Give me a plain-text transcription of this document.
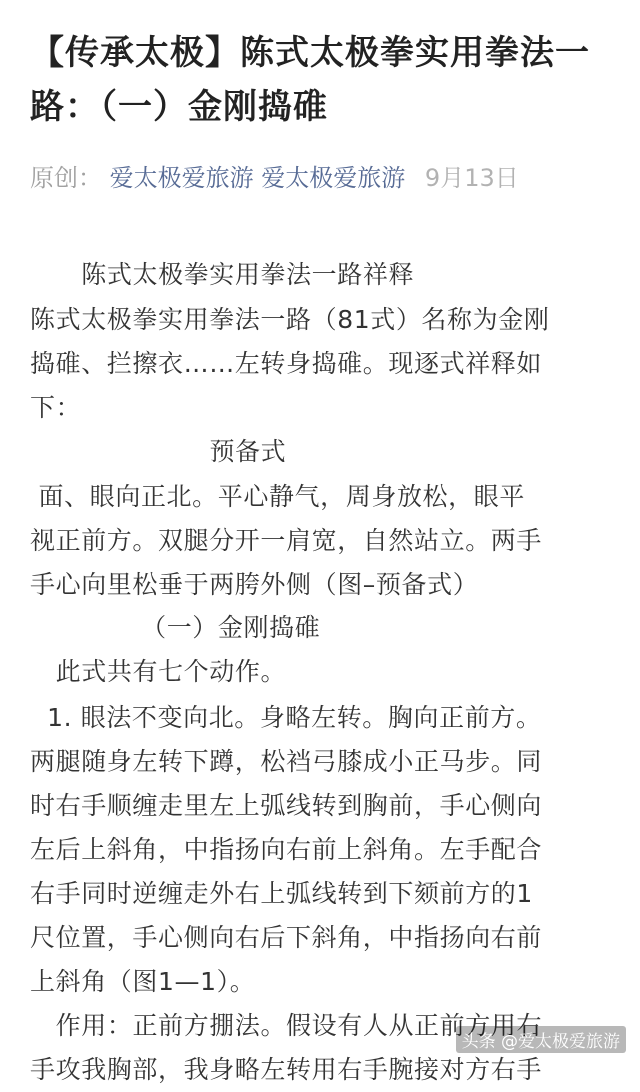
【传承太极】陈式太极拳实用拳法一路：（一）金刚捣碓
原创： 爱太极爱旅游 爱太极爱旅游 9月13日
陈式太极拳实用拳法一路祥释
陈式太极拳实用拳法一路（81式）名称为金刚
捣碓、拦擦衣……左转身捣碓。现逐式祥释如
下：
预备式
面、眼向正北。平心静气，周身放松，眼平
视正前方。双腿分开一肩宽，自然站立。两手
手心向里松垂于两胯外侧（图–预备式）
（一）金刚捣碓
此式共有七个动作。
1. 眼法不变向北。身略左转。胸向正前方。
两腿随身左转下蹲，松裆弓膝成小正马步。同
时右手顺缠走里左上弧线转到胸前，手心侧向
左后上斜角，中指扬向右前上斜角。左手配合
右手同时逆缠走外右上弧线转到下颏前方的1
尺位置，手心侧向右后下斜角，中指扬向右前
上斜角（图1—1）。
作用：正前方掤法。假设有人从正前方用右
手攻我胸部，我身略左转用右手腕接对方右手
头条 @爱太极爱旅游
